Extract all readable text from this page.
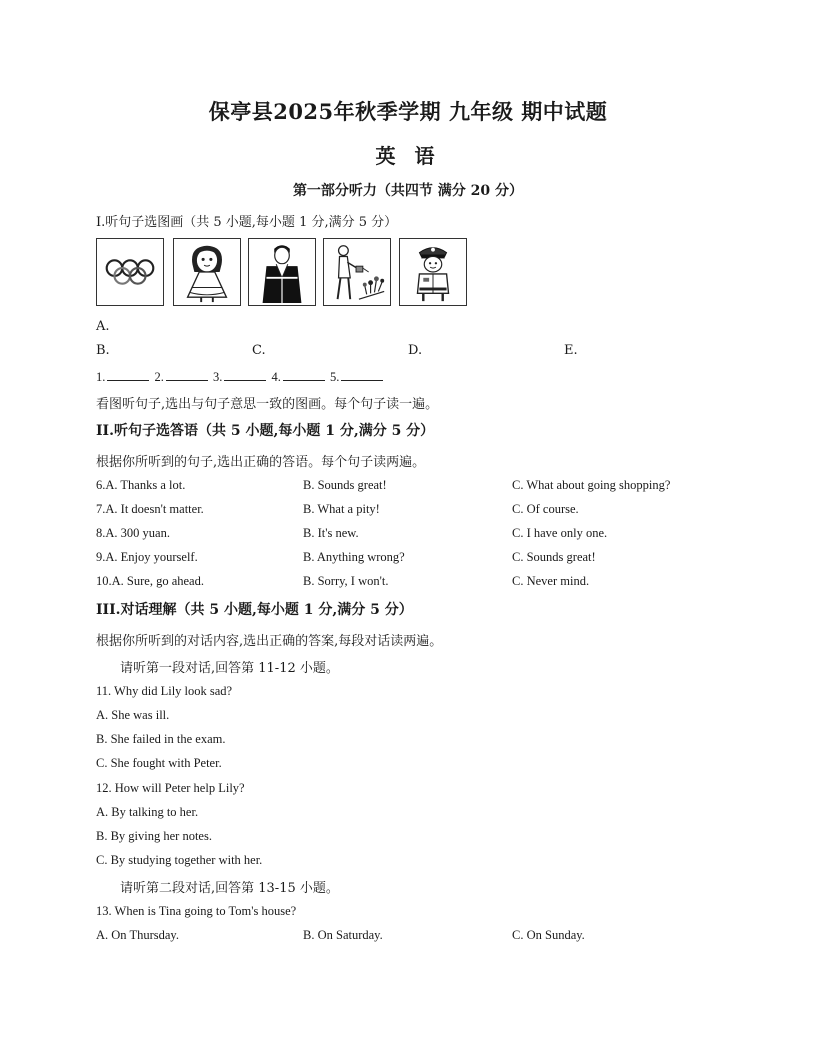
保亭县2025年秋季学期 九年级 期中试题
英 语
第一部分听力（共四节 满分 20 分）
I.听句子选图画（共 5 小题,每小题 1 分,满分 5 分）
A.
B.	C.	D.	E.
1.	2.	3.	4.	5.
看图听句子,选出与句子意思一致的图画。每个句子读一遍。
II.听句子选答语（共 5 小题,每小题 1 分,满分 5 分）
根据你所听到的句子,选出正确的答语。每个句子读两遍。
6.A. Thanks a lot.	B. Sounds great!	C. What about going shopping?
7.A. It doesn't matter.	B. What a pity!	C. Of course.
8.A. 300 yuan.	B. It's new.	C. I have only one.
9.A. Enjoy yourself.	B. Anything wrong?	C. Sounds great!
10.A. Sure, go ahead.	B. Sorry, I won't.	C. Never mind.
III.对话理解（共 5 小题,每小题 1 分,满分 5 分）
根据你所听到的对话内容,选出正确的答案,每段对话读两遍。
请听第一段对话,回答第 11-12 小题。
11. Why did Lily look sad?
A. She was ill.
B. She failed in the exam.
C. She fought with Peter.
12. How will Peter help Lily?
A. By talking to her.
B. By giving her notes.
C. By studying together with her.
请听第二段对话,回答第 13-15 小题。
13. When is Tina going to Tom's house?
A. On Thursday.	B. On Saturday.	C. On Sunday.
